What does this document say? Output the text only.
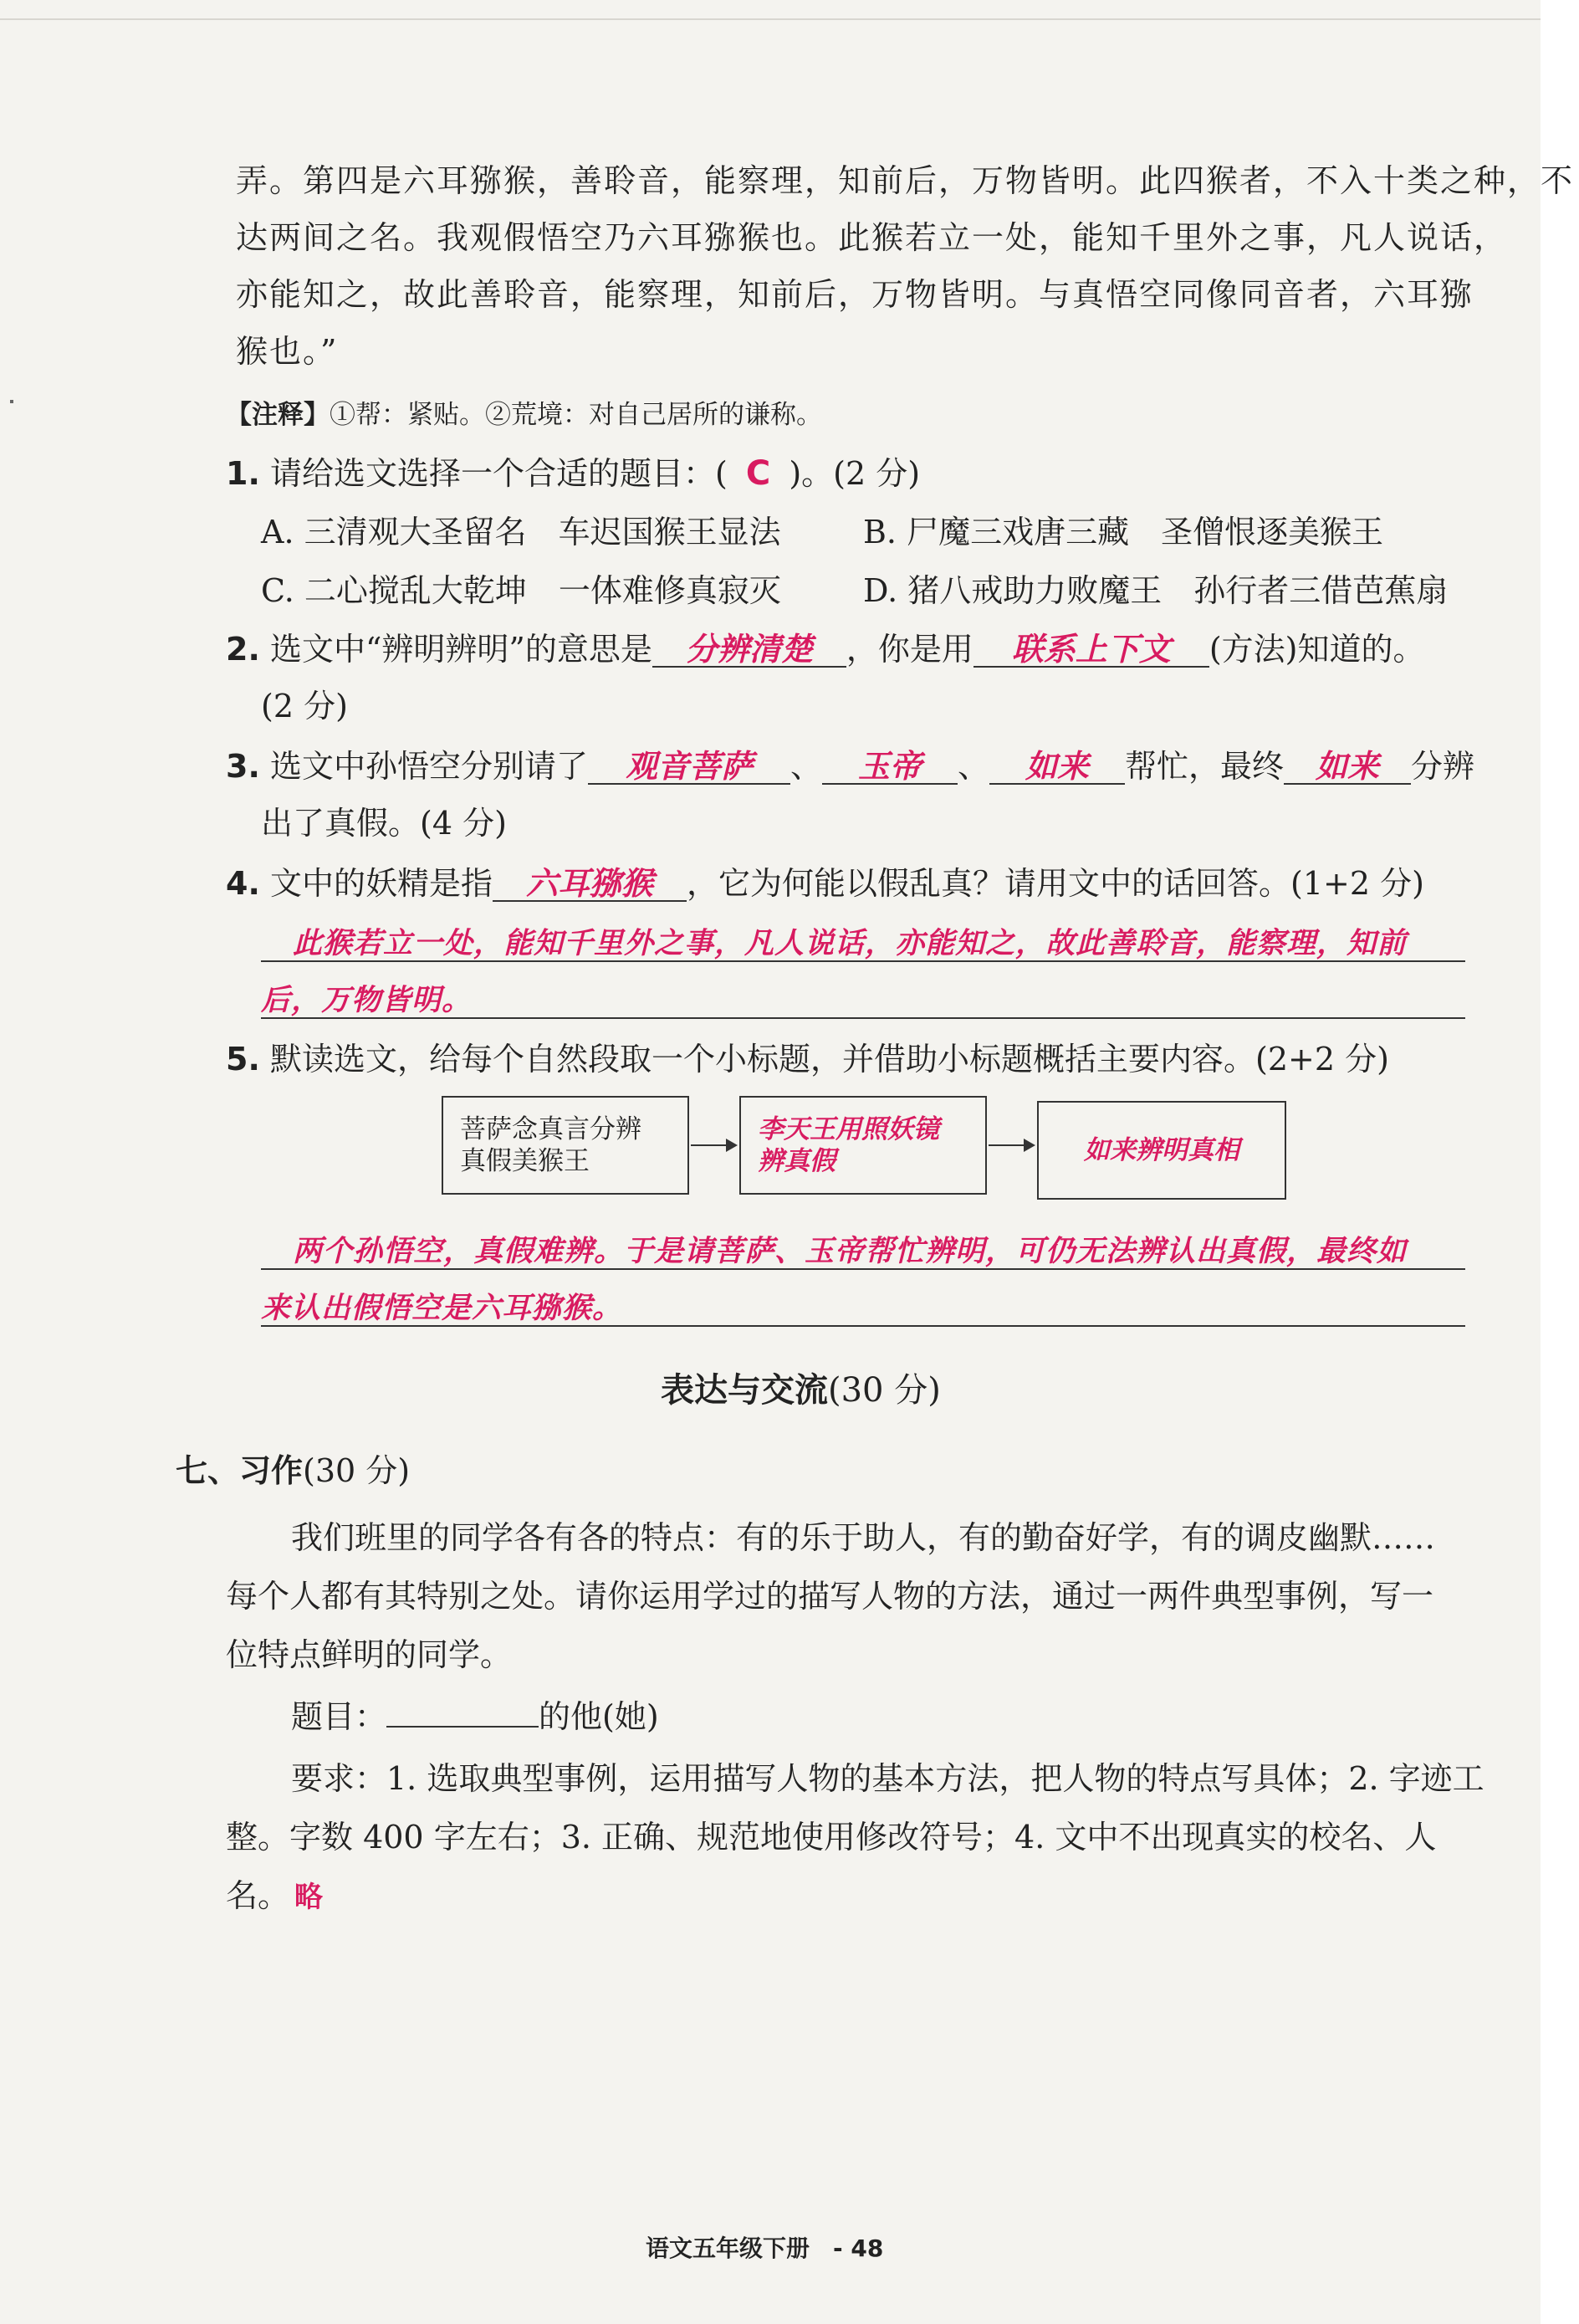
弄。第四是六耳猕猴，善聆音，能察理，知前后，万物皆明。此四猴者，不入十类之种，不
达两间之名。我观假悟空乃六耳猕猴也。此猴若立一处，能知千里外之事，凡人说话，
亦能知之，故此善聆音，能察理，知前后，万物皆明。与真悟空同像同音者，六耳猕
猴也。”
【注释】①帮：紧贴。②荒境：对自己居所的谦称。
1. 请给选文选择一个合适的题目：( C )。(2 分)
A. 三清观大圣留名　车迟国猴王显法	B. 尸魔三戏唐三藏　圣僧恨逐美猴王
C. 二心搅乱大乾坤　一体难修真寂灭	D. 猪八戒助力败魔王　孙行者三借芭蕉扇
2. 选文中“辨明辨明”的意思是 分辨清楚 ，你是用 联系上下文 (方法)知道的。
(2 分)
3. 选文中孙悟空分别请了 观音菩萨 、 玉帝 、 如来 帮忙，最终 如来 分辨
出了真假。(4 分)
4. 文中的妖精是指 六耳猕猴 ，它为何能以假乱真？请用文中的话回答。(1+2 分)
此猴若立一处，能知千里外之事，凡人说话，亦能知之，故此善聆音，能察理，知前
后，万物皆明。
5. 默读选文，给每个自然段取一个小标题，并借助小标题概括主要内容。(2+2 分)
菩萨念真言分辨真假美猴王
李天王用照妖镜辨真假	如来辨明真相
两个孙悟空，真假难辨。于是请菩萨、玉帝帮忙辨明，可仍无法辨认出真假，最终如
来认出假悟空是六耳猕猴。
表达与交流(30 分)
七、习作(30 分)
我们班里的同学各有各的特点：有的乐于助人，有的勤奋好学，有的调皮幽默……
每个人都有其特别之处。请你运用学过的描写人物的方法，通过一两件典型事例，写一
位特点鲜明的同学。
题目：	的他(她)
要求：1. 选取典型事例，运用描写人物的基本方法，把人物的特点写具体；2. 字迹工
整。字数 400 字左右；3. 正确、规范地使用修改符号；4. 文中不出现真实的校名、人
名。 略
语文五年级下册　- 48
